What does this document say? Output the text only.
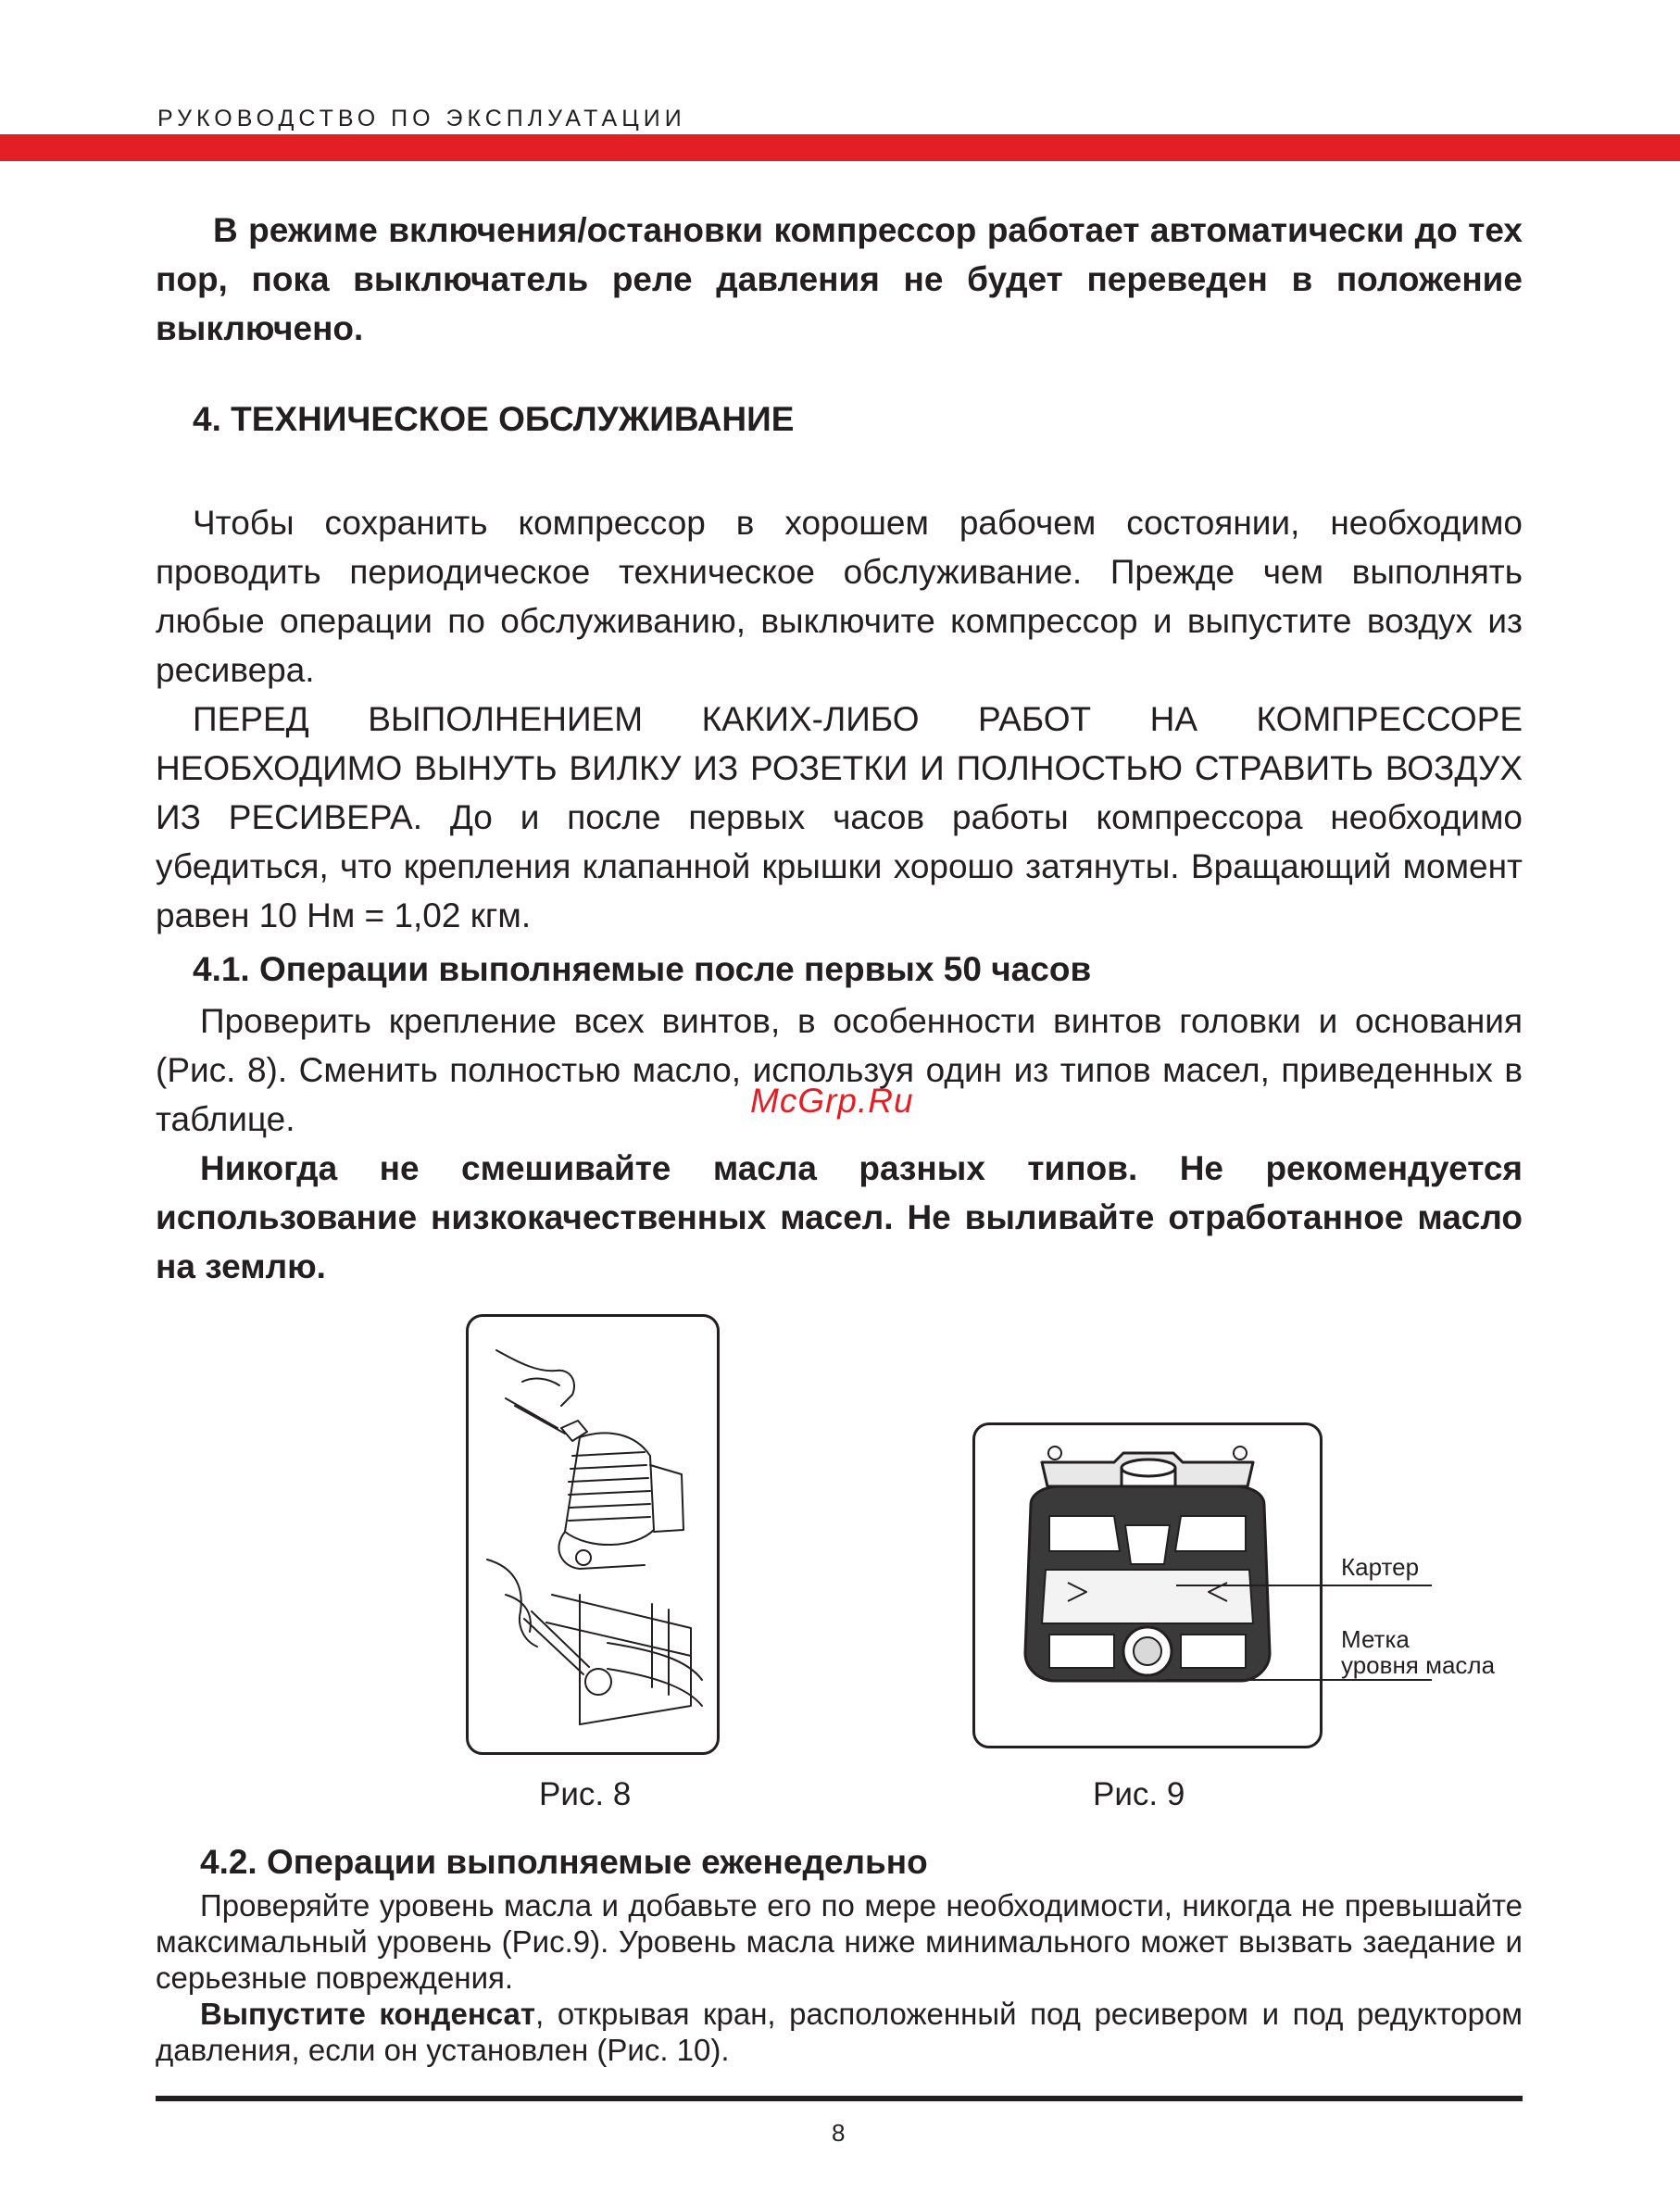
РУКОВОДСТВО ПО ЭКСПЛУАТАЦИИ

В режиме включения/остановки компрессор работает автоматически до тех пор, пока выключатель реле давления не будет переведен в положение выключено.

4. ТЕХНИЧЕСКОЕ ОБСЛУЖИВАНИЕ

Чтобы сохранить компрессор в хорошем рабочем состоянии, необходимо проводить периодическое техническое обслуживание. Прежде чем выполнять любые операции по обслуживанию, выключите компрессор и выпустите воздух из ресивера.

ПЕРЕД ВЫПОЛНЕНИЕМ КАКИХ-ЛИБО РАБОТ НА КОМПРЕССОРЕ НЕОБХОДИМО ВЫНУТЬ ВИЛКУ ИЗ РОЗЕТКИ И ПОЛНОСТЬЮ СТРАВИТЬ ВОЗДУХ ИЗ РЕСИВЕРА. До и после первых часов работы компрессора необходимо убедиться, что крепления клапанной крышки хорошо затянуты. Вращающий момент равен 10 Нм = 1,02 кгм.

4.1. Операции выполняемые после первых 50 часов

Проверить крепление всех винтов, в особенности винтов головки и основания (Рис. 8). Сменить полностью масло, используя один из типов масел, приведенных в таблице.

Никогда не смешивайте масла разных типов. Не рекомендуется использование низкокачественных масел. Не выливайте отработанное масло на землю.

McGrp.Ru
Рис. 8
Картер
Метка
уровня масла
Рис. 9

4.2. Операции выполняемые еженедельно

Проверяйте уровень масла и добавьте его по мере необходимости, никогда не превышайте максимальный уровень (Рис.9). Уровень масла ниже минимального может вызвать заедание и серьезные повреждения.

Выпустите конденсат, открывая кран, расположенный под ресивером и под редуктором давления, если он установлен (Рис. 10).

8
